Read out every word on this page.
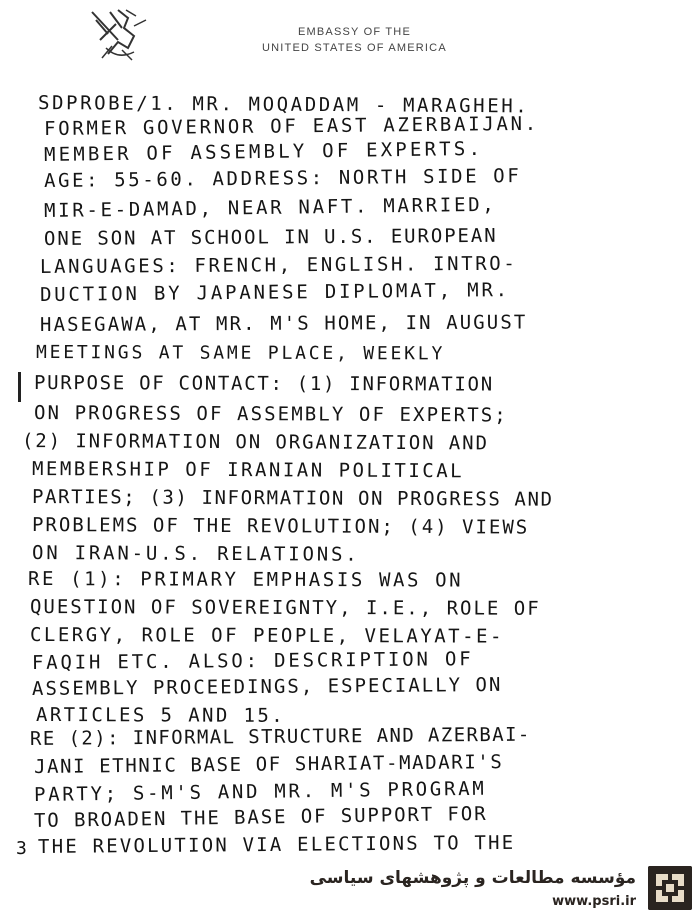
EMBASSY OF THE
UNITED STATES OF AMERICA
SDPROBE/1. MR. MOQADDAM - MARAGHEH.
FORMER GOVERNOR OF EAST AZERBAIJAN.
MEMBER OF ASSEMBLY OF EXPERTS.
AGE: 55-60. ADDRESS: NORTH SIDE OF
MIR-E-DAMAD, NEAR NAFT. MARRIED,
ONE SON AT SCHOOL IN U.S. EUROPEAN
LANGUAGES: FRENCH, ENGLISH. INTRO-
DUCTION BY JAPANESE DIPLOMAT, MR.
HASEGAWA, AT MR. M'S HOME, IN AUGUST
MEETINGS AT SAME PLACE, WEEKLY
PURPOSE OF CONTACT: (1) INFORMATION
ON PROGRESS OF ASSEMBLY OF EXPERTS;
(2) INFORMATION ON ORGANIZATION AND
MEMBERSHIP OF IRANIAN POLITICAL
PARTIES; (3) INFORMATION ON PROGRESS AND
PROBLEMS OF THE REVOLUTION; (4) VIEWS
ON IRAN-U.S. RELATIONS.
RE (1): PRIMARY EMPHASIS WAS ON
QUESTION OF SOVEREIGNTY, I.E., ROLE OF
CLERGY, ROLE OF PEOPLE, VELAYAT-E-
FAQIH ETC. ALSO: DESCRIPTION OF
ASSEMBLY PROCEEDINGS, ESPECIALLY ON
ARTICLES 5 AND 15.
RE (2): INFORMAL STRUCTURE AND AZERBAI-
JANI ETHNIC BASE OF SHARIAT-MADARI'S
PARTY; S-M'S AND MR. M'S PROGRAM
TO BROADEN THE BASE OF SUPPORT FOR
THE REVOLUTION VIA ELECTIONS TO THE
3
مؤسسه مطالعات و پژوهشهای سیاسی
www.psri.ir
